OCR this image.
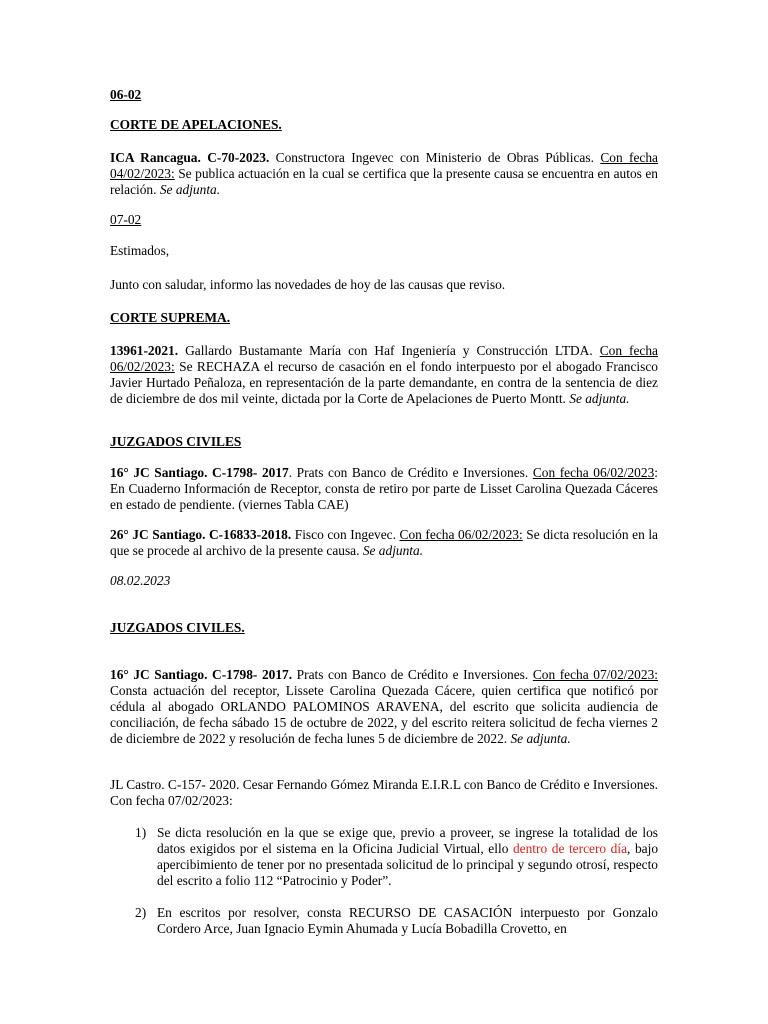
06-02

CORTE DE APELACIONES.

ICA Rancagua. C-70-2023. Constructora Ingevec con Ministerio de Obras Públicas. Con fecha 04/02/2023: Se publica actuación en la cual se certifica que la presente causa se encuentra en autos en relación. Se adjunta.

07-02

Estimados,

Junto con saludar, informo las novedades de hoy de las causas que reviso.

CORTE SUPREMA.

13961-2021. Gallardo Bustamante María con Haf Ingeniería y Construcción LTDA. Con fecha 06/02/2023: Se RECHAZA el recurso de casación en el fondo interpuesto por el abogado Francisco Javier Hurtado Peñaloza, en representación de la parte demandante, en contra de la sentencia de diez de diciembre de dos mil veinte, dictada por la Corte de Apelaciones de Puerto Montt. Se adjunta.

JUZGADOS CIVILES

16° JC Santiago. C-1798- 2017. Prats con Banco de Crédito e Inversiones. Con fecha 06/02/2023: En Cuaderno Información de Receptor, consta de retiro por parte de Lisset Carolina Quezada Cáceres en estado de pendiente. (viernes Tabla CAE)

26° JC Santiago. C-16833-2018. Fisco con Ingevec. Con fecha 06/02/2023: Se dicta resolución en la que se procede al archivo de la presente causa. Se adjunta.

08.02.2023

JUZGADOS CIVILES.

16° JC Santiago. C-1798- 2017. Prats con Banco de Crédito e Inversiones. Con fecha 07/02/2023: Consta actuación del receptor, Lissete Carolina Quezada Cácere, quien certifica que notificó por cédula al abogado ORLANDO PALOMINOS ARAVENA, del escrito que solicita audiencia de conciliación, de fecha sábado 15 de octubre de 2022, y del escrito reitera solicitud de fecha viernes 2 de diciembre de 2022 y resolución de fecha lunes 5 de diciembre de 2022. Se adjunta.

JL Castro. C-157- 2020. Cesar Fernando Gómez Miranda E.I.R.L con Banco de Crédito e Inversiones. Con fecha 07/02/2023:

1) Se dicta resolución en la que se exige que, previo a proveer, se ingrese la totalidad de los datos exigidos por el sistema en la Oficina Judicial Virtual, ello dentro de tercero día, bajo apercibimiento de tener por no presentada solicitud de lo principal y segundo otrosí, respecto del escrito a folio 112 “Patrocinio y Poder”.
2) En escritos por resolver, consta RECURSO DE CASACIÓN interpuesto por Gonzalo Cordero Arce, Juan Ignacio Eymin Ahumada y Lucía Bobadilla Crovetto, en
